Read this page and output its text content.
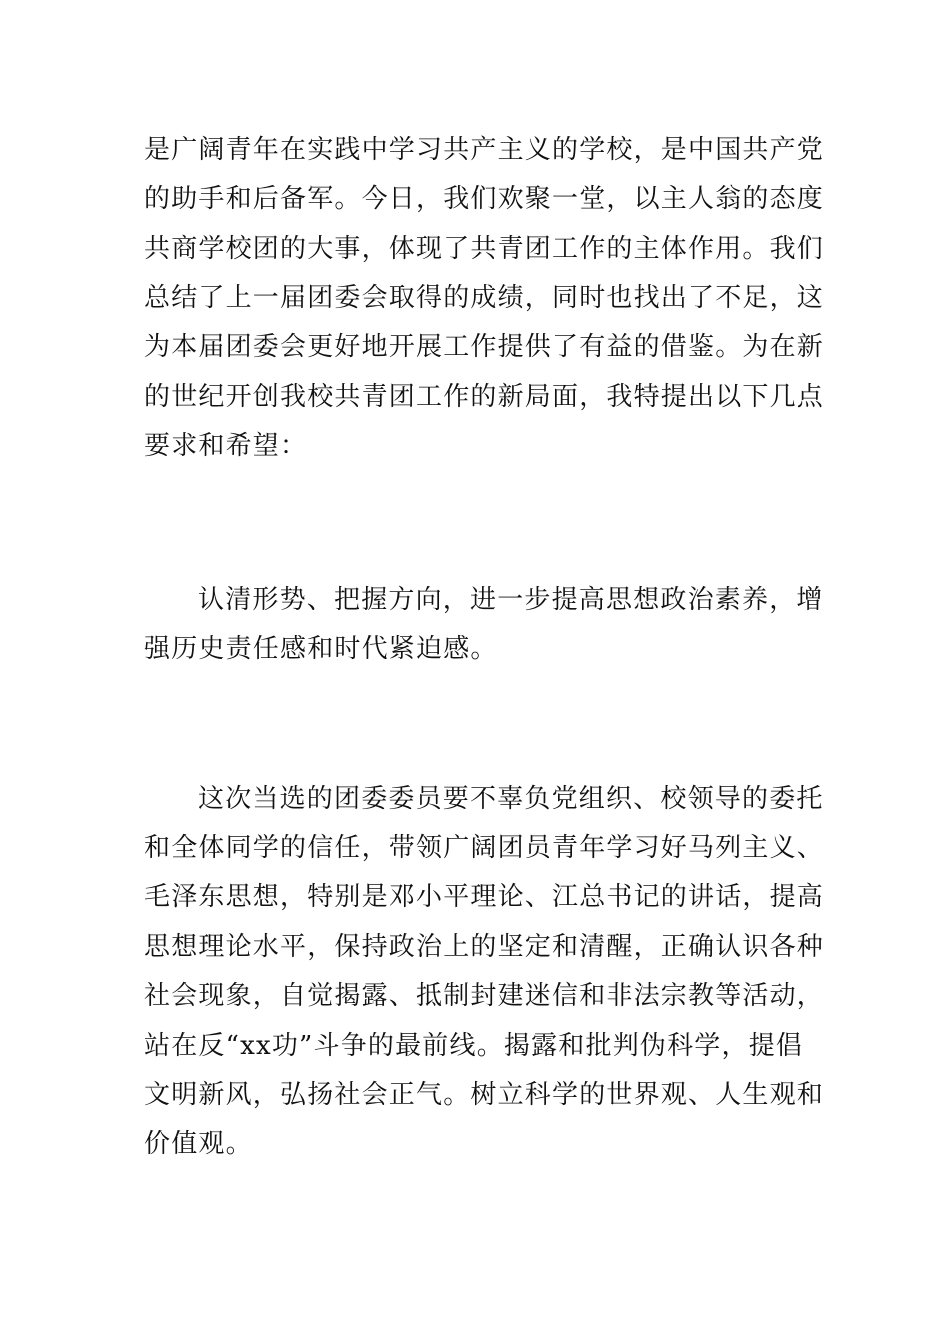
是广阔青年在实践中学习共产主义的学校，是中国共产党
的助手和后备军。今日，我们欢聚一堂，以主人翁的态度
共商学校团的大事，体现了共青团工作的主体作用。我们
总结了上一届团委会取得的成绩，同时也找出了不足，这
为本届团委会更好地开展工作提供了有益的借鉴。为在新
的世纪开创我校共青团工作的新局面，我特提出以下几点
要求和希望：
认清形势、把握方向，进一步提高思想政治素养，增
强历史责任感和时代紧迫感。
这次当选的团委委员要不辜负党组织、校领导的委托
和全体同学的信任，带领广阔团员青年学习好马列主义、
毛泽东思想，特别是邓小平理论、江总书记的讲话，提高
思想理论水平，保持政治上的坚定和清醒，正确认识各种
社会现象，自觉揭露、抵制封建迷信和非法宗教等活动，
站在反“xx功”斗争的最前线。揭露和批判伪科学，提倡
文明新风，弘扬社会正气。树立科学的世界观、人生观和
价值观。
